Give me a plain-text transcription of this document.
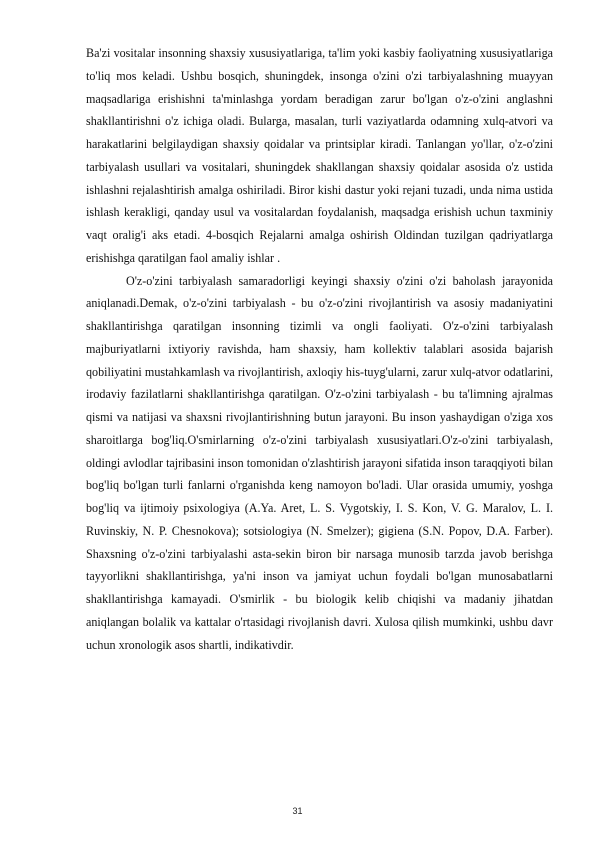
Ba'zi vositalar insonning shaxsiy xususiyatlariga, ta'lim yoki kasbiy faoliyatning xususiyatlariga to'liq mos keladi. Ushbu bosqich, shuningdek, insonga o'zini o'zi tarbiyalashning muayyan maqsadlariga erishishni ta'minlashga yordam beradigan zarur bo'lgan o'z-o'zini anglashni shakllantirishni o'z ichiga oladi. Bularga, masalan, turli vaziyatlarda odamning xulq-atvori va harakatlarini belgilaydigan shaxsiy qoidalar va printsiplar kiradi. Tanlangan yo'llar, o'z-o'zini tarbiyalash usullari va vositalari, shuningdek shakllangan shaxsiy qoidalar asosida o'z ustida ishlashni rejalashtirish amalga oshiriladi. Biror kishi dastur yoki rejani tuzadi, unda nima ustida ishlash kerakligi, qanday usul va vositalardan foydalanish, maqsadga erishish uchun taxminiy vaqt oralig'i aks etadi. 4-bosqich Rejalarni amalga oshirish Oldindan tuzilgan qadriyatlarga erishishga qaratilgan faol amaliy ishlar .

O'z-o'zini tarbiyalash samaradorligi keyingi shaxsiy o'zini o'zi baholash jarayonida aniqlanadi.Demak, o'z-o'zini tarbiyalash - bu o'z-o'zini rivojlantirish va asosiy madaniyatini shakllantirishga qaratilgan insonning tizimli va ongli faoliyati. O'z-o'zini tarbiyalash majburiyatlarni ixtiyoriy ravishda, ham shaxsiy, ham kollektiv talablari asosida bajarish qobiliyatini mustahkamlash va rivojlantirish, axloqiy his-tuyg'ularni, zarur xulq-atvor odatlarini, irodaviy fazilatlarni shakllantirishga qaratilgan. O'z-o'zini tarbiyalash - bu ta'limning ajralmas qismi va natijasi va shaxsni rivojlantirishning butun jarayoni. Bu inson yashaydigan o'ziga xos sharoitlarga bog'liq.O'smirlarning o'z-o'zini tarbiyalash xususiyatlari.O'z-o'zini tarbiyalash, oldingi avlodlar tajribasini inson tomonidan o'zlashtirish jarayoni sifatida inson taraqqiyoti bilan bog'liq bo'lgan turli fanlarni o'rganishda keng namoyon bo'ladi. Ular orasida umumiy, yoshga bog'liq va ijtimoiy psixologiya (A.Ya. Aret, L. S. Vygotskiy, I. S. Kon, V. G. Maralov, L. I. Ruvinskiy, N. P. Chesnokova); sotsiologiya (N. Smelzer); gigiena (S.N. Popov, D.A. Farber). Shaxsning o'z-o'zini tarbiyalashi asta-sekin biron bir narsaga munosib tarzda javob berishga tayyorlikni shakllantirishga, ya'ni inson va jamiyat uchun foydali bo'lgan munosabatlarni shakllantirishga kamayadi. O'smirlik - bu biologik kelib chiqishi va madaniy jihatdan aniqlangan bolalik va kattalar o'rtasidagi rivojlanish davri. Xulosa qilish mumkinki, ushbu davr uchun xronologik asos shartli, indikativdir.

31
